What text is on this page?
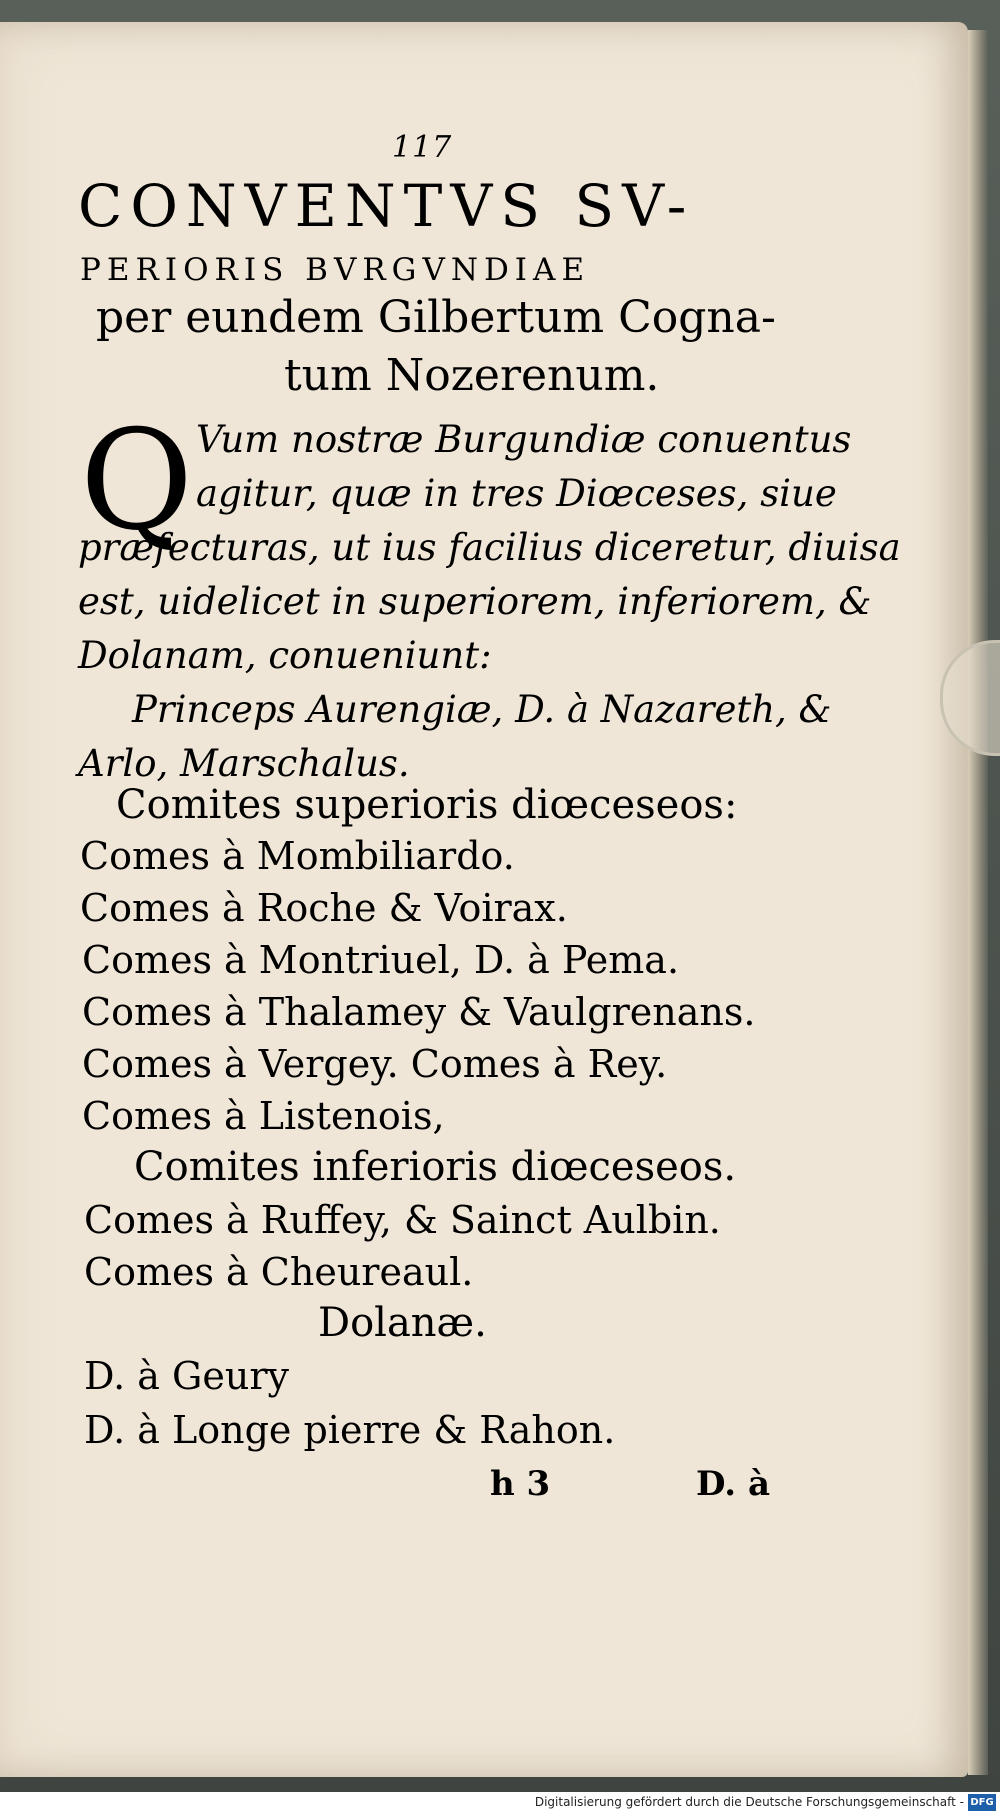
117
CONVENTVS SV-
PERIORIS BVRGVNDIAE
per eundem Gilbertum Cogna-
tum Nozerenum.
Q Vum nostræ Burgundiæ conuentus
agitur, quæ in tres Diœceses, siue
præfecturas, ut ius facilius diceretur, diuisa
est, uidelicet in superiorem, inferiorem, &
Dolanam, conueniunt:
Princeps Aurengiæ, D. à Nazareth, &
Arlo, Marschalus.
Comites superioris diœceseos:
Comes à Mombiliardo.
Comes à Roche & Voirax.
Comes à Montriuel, D. à Pema.
Comes à Thalamey & Vaulgrenans.
Comes à Vergey. Comes à Rey.
Comes à Listenois,
Comites inferioris diœceseos.
Comes à Ruffey, & Sainct Aulbin.
Comes à Cheureaul.
Dolanæ.
D. à Geury
D. à Longe pierre & Rahon.
h 3	D. à
Digitalisierung gefördert durch die Deutsche Forschungsgemeinschaft - DFG
